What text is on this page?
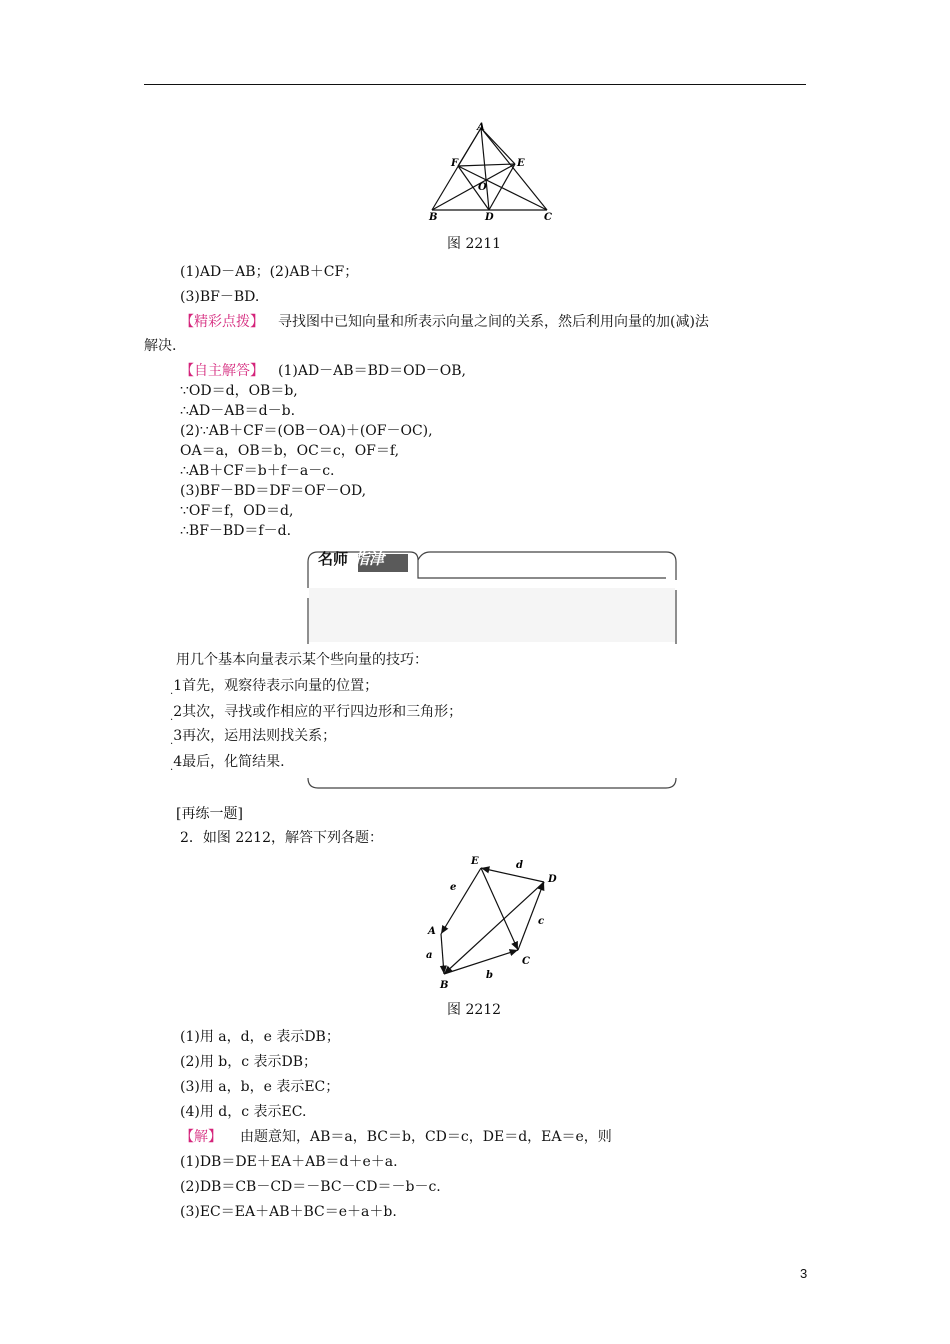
A
F	E
O
B	D	C
图 2211
(1)AD－AB；(2)AB＋CF；
(3)BF－BD.
【精彩点拨】 寻找图中已知向量和所表示向量之间的关系，然后利用向量的加(减)法
解决.
【自主解答】 (1)AD－AB＝BD＝OD－OB,
∵OD＝d，OB＝b,
∴AD－AB＝d－b.
(2)∵AB＋CF＝(OB－OA)＋(OF－OC),
OA＝a，OB＝b，OC＝c，OF＝f,
∴AB＋CF＝b＋f－a－c.
(3)BF－BD＝DF＝OF－OD,
∵OF＝f，OD＝d,
∴BF－BD＝f－d.
名师 指津
用几个基本向量表示某个些向量的技巧：
$_.$1首先，观察待表示向量的位置；
$_.$2其次，寻找或作相应的平行四边形和三角形；
$_.$3再次，运用法则找关系；
$_.$4最后，化简结果.
[再练一题]
2．如图 2212，解答下列各题：
E
D
A
B
C
d
e
c
a
b
图 2212
(1)用 a，d，e 表示DB；
(2)用 b，c 表示DB；
(3)用 a，b，e 表示EC；
(4)用 d，c 表示EC.
【解】 由题意知，AB＝a，BC＝b，CD＝c，DE＝d，EA＝e，则
(1)DB＝DE＋EA＋AB＝d＋e＋a.
(2)DB＝CB－CD＝－BC－CD＝－b－c.
(3)EC＝EA＋AB＋BC＝e＋a＋b.
3
